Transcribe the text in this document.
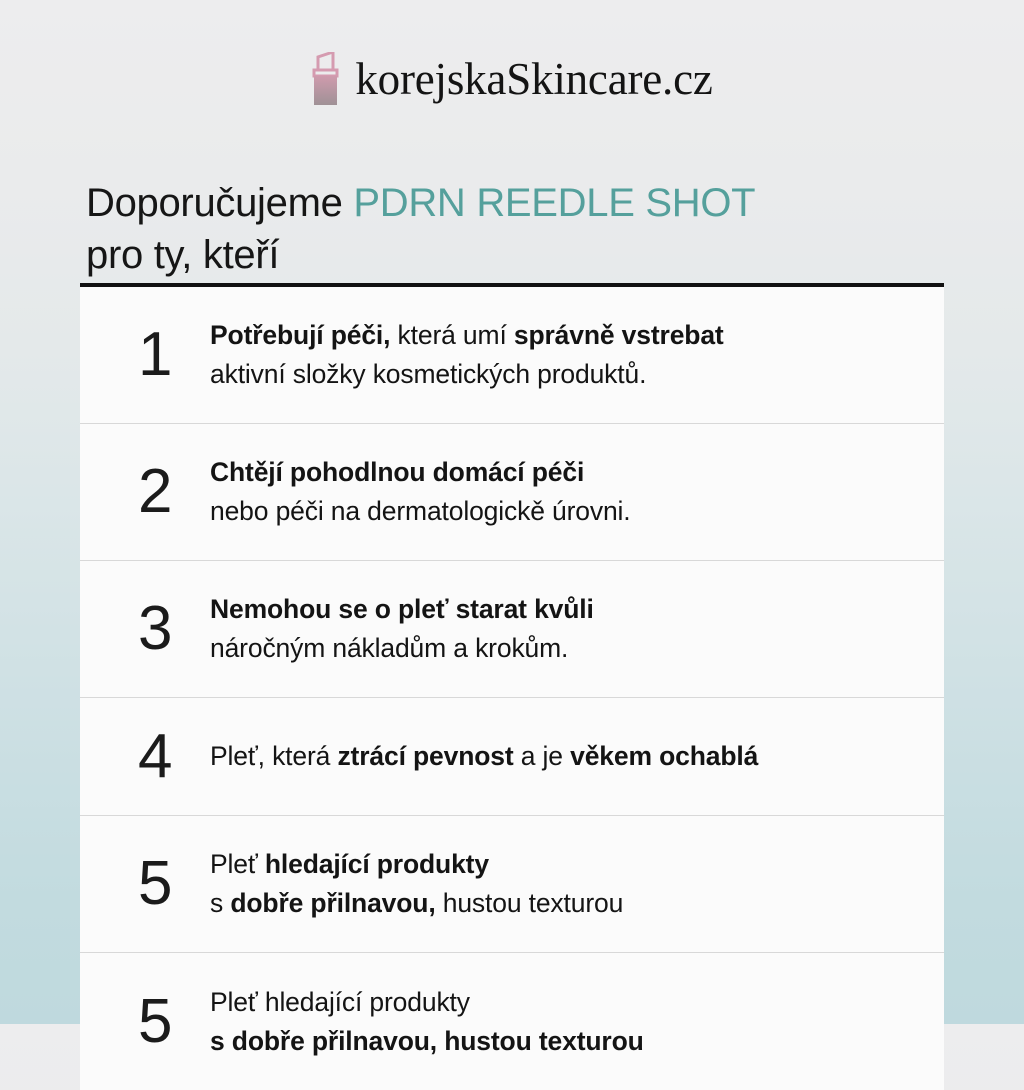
korejskaSkincare.cz
Doporučujeme PDRN REEDLE SHOT
pro ty, kteří
1	Potřebují péči, která umí správně vstrebat
aktivní složky kosmetických produktů.
2	Chtějí pohodlnou domácí péči
nebo péči na dermatologickě úrovni.
3	Nemohou se o pleť starat kvůli
náročným nákladům a krokům.
4	Pleť, která ztrácí pevnost a je věkem ochablá
5	Pleť hledající produkty
s dobře přilnavou, hustou texturou
5	Pleť hledající produkty
s dobře přilnavou, hustou texturou
